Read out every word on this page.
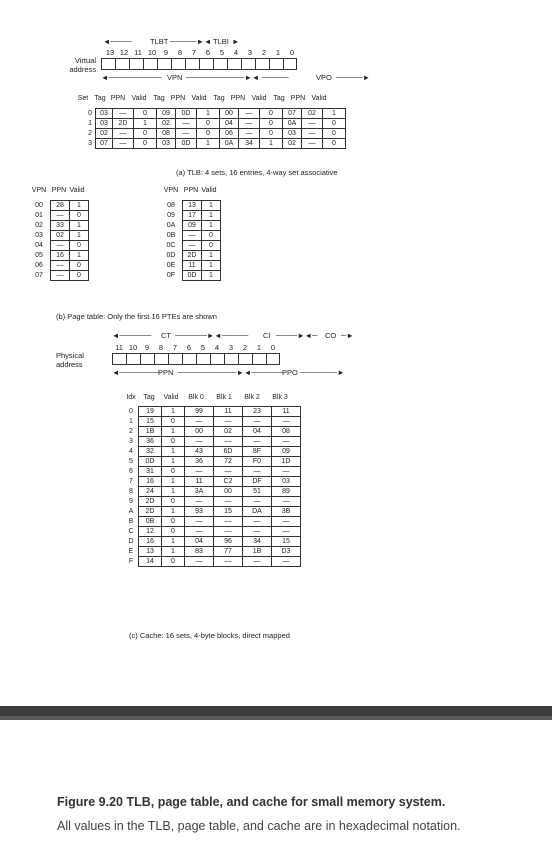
◄──── TLBT ─────►◄ TLBI ►
13 12 11 10	9	8	7	6	5	4	3	2	1	0
Virtual address
◄────────── VPN ───────────►◄ ─────	VPO ─────►
Set	Tag	PPN	Valid	Tag	PPN	Valid	Tag	PPN	Valid	Tag	PPN	Valid
0	03	—	0	09	0D	1	00	—	0	07	02	1
1	03	2D	1	02	—	0	04	—	0	0A	—	0
2	02	—	0	08	—	0	06	—	0	03	—	0
3	07	—	0	03	0D	1	0A	34	1	02	—	0
(a) TLB: 4 sets, 16 entries, 4-way set associative
VPN	PPN	Valid	VPN	PPN	Valid
00	28	1
01	—	0
02	33	1
03	02	1
04	—	0
05	16	1
06	—	0
07	—	0
08	13	1
09	17	1
0A	09	1
0B	—	0
0C	—	0
0D	2D	1
0E	11	1
0F	0D	1
(b) Page table: Only the first 16 PTEs are shown
◄────── CT ──────►◄───── CI ────►◄─ CO ─►
11 10	9	8	7	6	5	4	3	2	1	0
Physical address
◄────────
PPN ───────────►◄──────
PPO ───────►
Idx	Tag	Valid	Blk 0	Blk 1	Blk 2	Blk 3
0	19	1	99	11	23	11
1	15	0	—	—	—	—
2	1B	1	00	02	04	08
3	36	0	—	—	—	—
4	32	1	43	6D	8F	09
5	0D	1	36	72	F0	1D
6	31	0	—	—	—	—
7	16	1	11	C2	DF	03
8	24	1	3A	00	51	89
9	2D	0	—	—	—	—
A	2D	1	93	15	DA	3B
B	0B	0	—	—	—	—
C	12	0	—	—	—	—
D	16	1	04	96	34	15
E	13	1	83	77	1B	D3
F	14	0	—	—	—	—
(c) Cache: 16 sets, 4-byte blocks, direct mapped
Figure 9.20 TLB, page table, and cache for small memory system.
All values in the TLB, page table, and cache are in hexadecimal notation.
